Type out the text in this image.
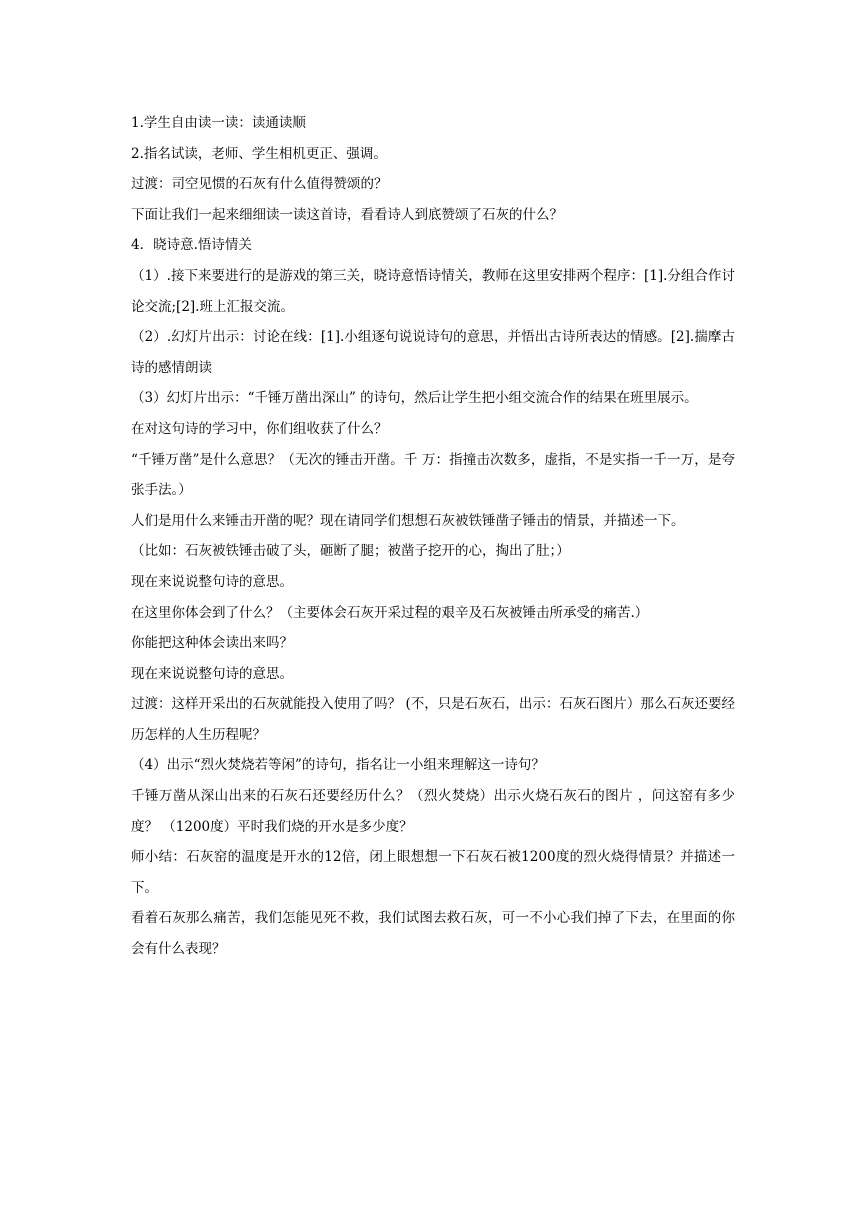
1.学生自由读一读：读通读顺

2.指名试读，老师、学生相机更正、强调。

过渡：司空见惯的石灰有什么值得赞颂的？

下面让我们一起来细细读一读这首诗，看看诗人到底赞颂了石灰的什么？

4．晓诗意.悟诗情关

（1）.接下来要进行的是游戏的第三关，晓诗意悟诗情关，教师在这里安排两个程序：[1].分组合作讨论交流;[2].班上汇报交流。

（2）.幻灯片出示：讨论在线：[1].小组逐句说说诗句的意思，并悟出古诗所表达的情感。[2].揣摩古诗的感情朗读

（3）幻灯片出示：“千锤万凿出深山” 的诗句，然后让学生把小组交流合作的结果在班里展示。

在对这句诗的学习中，你们组收获了什么？

“千锤万凿”是什么意思？（无次的锤击开凿。千 万：指撞击次数多，虚指，不是实指一千一万，是夸张手法。）

人们是用什么来锤击开凿的呢？现在请同学们想想石灰被铁锤凿子锤击的情景，并描述一下。

（比如：石灰被铁锤击破了头，砸断了腿；被凿子挖开的心，掏出了肚；）

现在来说说整句诗的意思。

在这里你体会到了什么？（主要体会石灰开采过程的艰辛及石灰被锤击所承受的痛苦.）

你能把这种体会读出来吗？

现在来说说整句诗的意思。

过渡：这样开采出的石灰就能投入使用了吗？ (不，只是石灰石，出示：石灰石图片）那么石灰还要经历怎样的人生历程呢？

（4）出示“烈火焚烧若等闲”的诗句，指名让一小组来理解这一诗句？

千锤万凿从深山出来的石灰石还要经历什么？（烈火焚烧）出示火烧石灰石的图片 ，问这窑有多少度？ （1200度）平时我们烧的开水是多少度？

师小结：石灰窑的温度是开水的12倍，闭上眼想想一下石灰石被1200度的烈火烧得情景？并描述一下。

看着石灰那么痛苦，我们怎能见死不救，我们试图去救石灰，可一不小心我们掉了下去，在里面的你会有什么表现？
